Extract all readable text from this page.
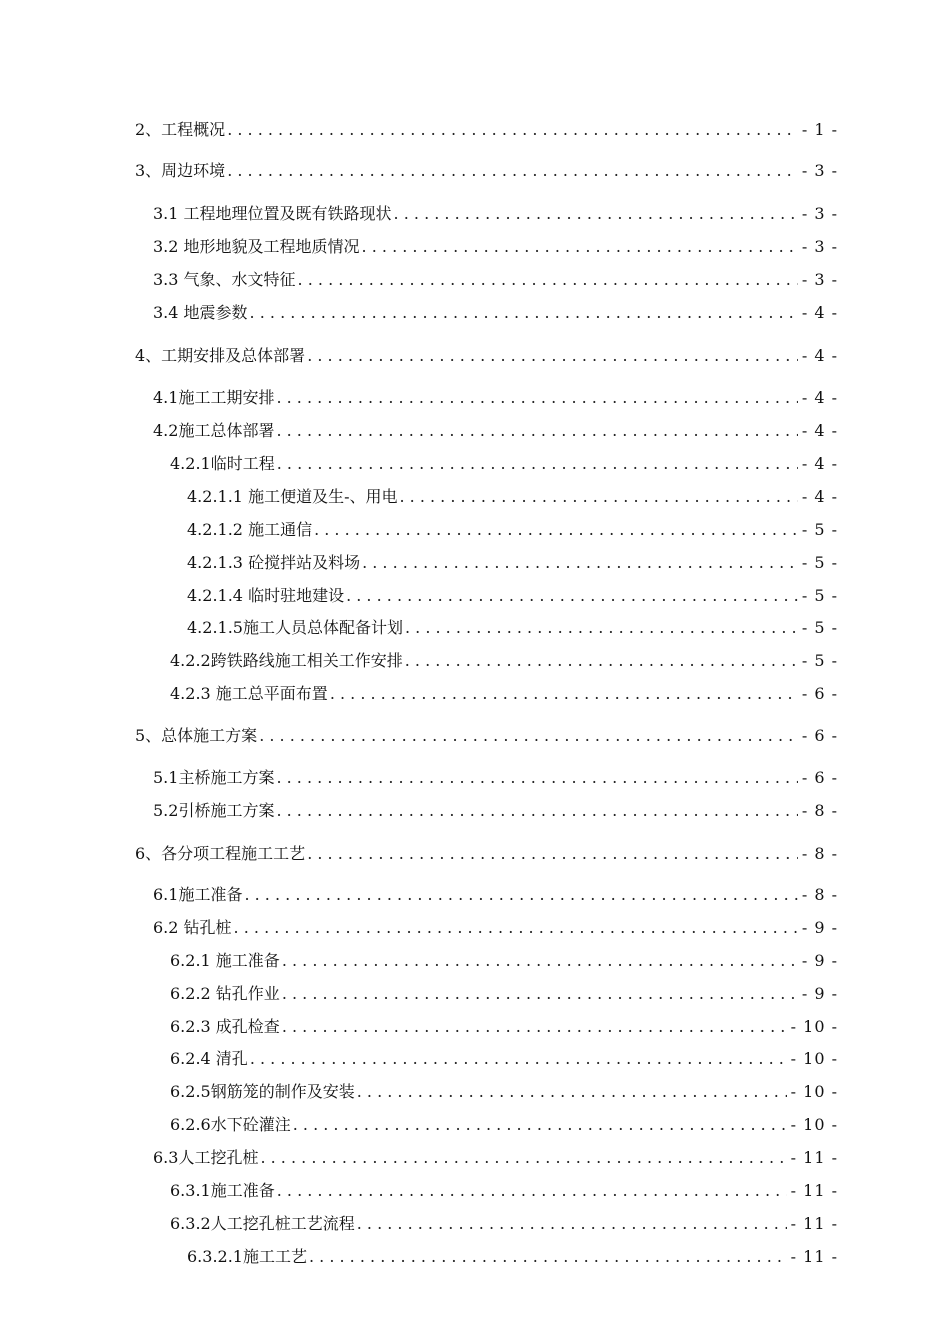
2、工程概况 . . .	- 1 -
3、周边环境 . . .	- 3 -
3.1 工程地理位置及既有铁路现状 . . .	- 3 -
3.2 地形地貌及工程地质情况 . . .	- 3 -
3.3 气象、水文特征 . . .	- 3 -
3.4 地震参数 . . .	- 4 -
4、工期安排及总体部署 . . .	- 4 -
4.1施工工期安排 . . .	- 4 -
4.2施工总体部署 . . .	- 4 -
4.2.1临时工程 . . .	- 4 -
4.2.1.1 施工便道及生-、用电 . . .	- 4 -
4.2.1.2 施工通信 . . .	- 5 -
4.2.1.3 砼搅拌站及料场 . . .	- 5 -
4.2.1.4 临时驻地建设 . . .	- 5 -
4.2.1.5施工人员总体配备计划 . . .	- 5 -
4.2.2跨铁路线施工相关工作安排 . . .	- 5 -
4.2.3 施工总平面布置 . . .	- 6 -
5、总体施工方案 . . .	- 6 -
5.1主桥施工方案 . . .	- 6 -
5.2引桥施工方案 . . .	- 8 -
6、各分项工程施工工艺 . . .	- 8 -
6.1施工准备 . . .	- 8 -
6.2 钻孔桩 . . .	- 9 -
6.2.1 施工准备 . . .	- 9 -
6.2.2 钻孔作业 . . .	- 9 -
6.2.3 成孔检查 . . .	- 10 -
6.2.4 清孔 . . .	- 10 -
6.2.5钢筋笼的制作及安装 . . .	- 10 -
6.2.6水下砼灌注 . . .	- 10 -
6.3人工挖孔桩 . . .	- 11 -
6.3.1施工准备 . . .	- 11 -
6.3.2人工挖孔桩工艺流程 . . .	- 11 -
6.3.2.1施工工艺 . . .	- 11 -
